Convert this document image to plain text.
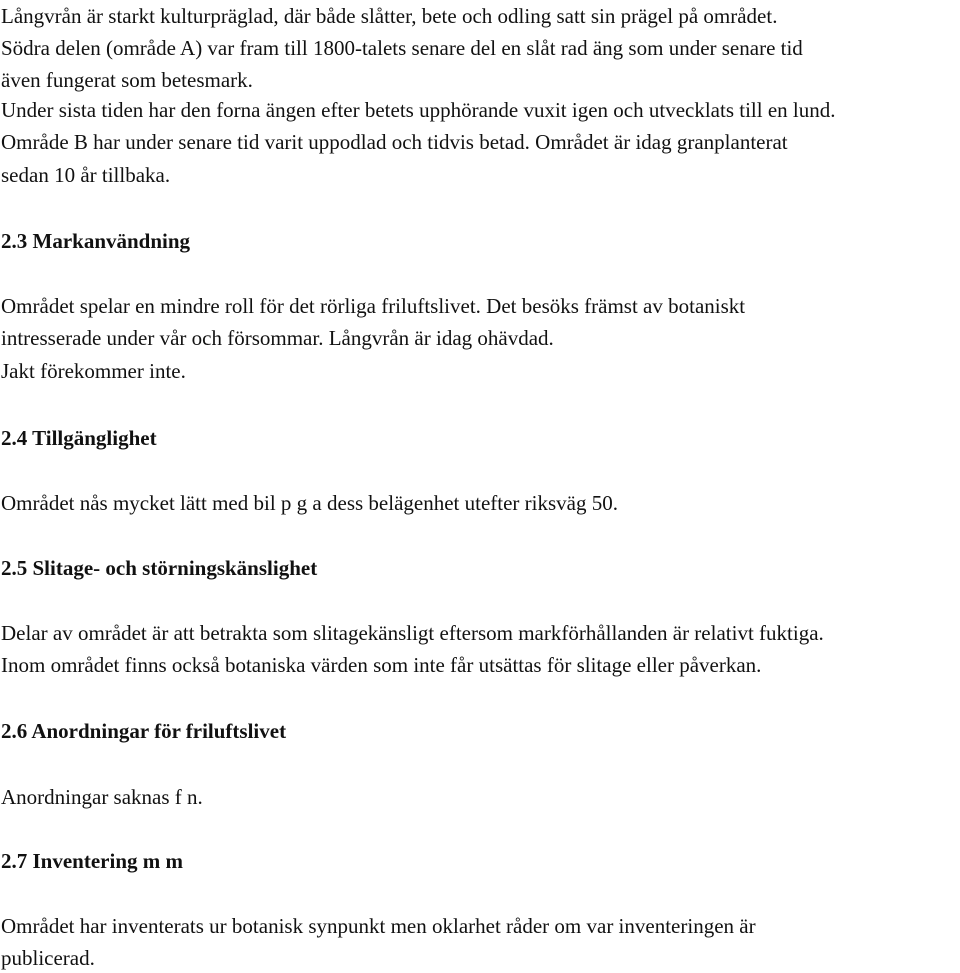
Långvrån är starkt kulturpräglad, där både slåtter, bete och odling satt sin prägel på området.

Södra delen (område A) var fram till 1800-talets senare del en slåt rad äng som under senare tid

även fungerat som betesmark.

Under sista tiden har den forna ängen efter betets upphörande vuxit igen och utvecklats till en lund.

Område B har under senare tid varit uppodlad och tidvis betad. Området är idag granplanterat

sedan 10 år tillbaka.

2.3 Markanvändning

Området spelar en mindre roll för det rörliga friluftslivet. Det besöks främst av botaniskt

intresserade under vår och försommar. Långvrån är idag ohävdad.

Jakt förekommer inte.

2.4 Tillgänglighet

Området nås mycket lätt med bil p g a dess belägenhet utefter riksväg 50.

2.5 Slitage- och störningskänslighet

Delar av området är att betrakta som slitagekänsligt eftersom markförhållanden är relativt fuktiga.

Inom området finns också botaniska värden som inte får utsättas för slitage eller påverkan.

2.6 Anordningar för friluftslivet

Anordningar saknas f n.

2.7 Inventering m m

Området har inventerats ur botanisk synpunkt men oklarhet råder om var inventeringen är

publicerad.
